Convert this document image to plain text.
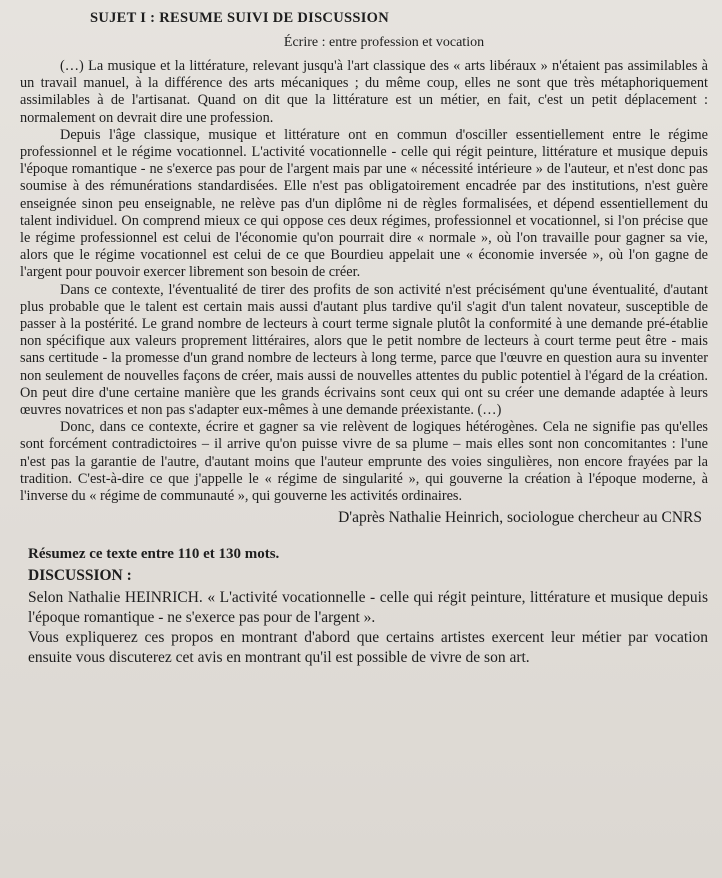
SUJET I : RESUME SUIVI DE DISCUSSION
Écrire : entre profession et vocation

(…) La musique et la littérature, relevant jusqu'à l'art classique des « arts libéraux » n'étaient pas assimilables à un travail manuel, à la différence des arts mécaniques ; du même coup, elles ne sont que très métaphoriquement assimilables à de l'artisanat. Quand on dit que la littérature est un métier, en fait, c'est un petit déplacement : normalement on devrait dire une profession.

Depuis l'âge classique, musique et littérature ont en commun d'osciller essentiellement entre le régime professionnel et le régime vocationnel. L'activité vocationnelle - celle qui régit peinture, littérature et musique depuis l'époque romantique - ne s'exerce pas pour de l'argent mais par une « nécessité intérieure » de l'auteur, et n'est donc pas soumise à des rémunérations standardisées. Elle n'est pas obligatoirement encadrée par des institutions, n'est guère enseignée sinon peu enseignable, ne relève pas d'un diplôme ni de règles formalisées, et dépend essentiellement du talent individuel. On comprend mieux ce qui oppose ces deux régimes, professionnel et vocationnel, si l'on précise que le régime professionnel est celui de l'économie qu'on pourrait dire « normale », où l'on travaille pour gagner sa vie, alors que le régime vocationnel est celui de ce que Bourdieu appelait une « économie inversée », où l'on gagne de l'argent pour pouvoir exercer librement son besoin de créer.

Dans ce contexte, l'éventualité de tirer des profits de son activité n'est précisément qu'une éventualité, d'autant plus probable que le talent est certain mais aussi d'autant plus tardive qu'il s'agit d'un talent novateur, susceptible de passer à la postérité. Le grand nombre de lecteurs à court terme signale plutôt la conformité à une demande pré-établie non spécifique aux valeurs proprement littéraires, alors que le petit nombre de lecteurs à court terme peut être - mais sans certitude - la promesse d'un grand nombre de lecteurs à long terme, parce que l'œuvre en question aura su inventer non seulement de nouvelles façons de créer, mais aussi de nouvelles attentes du public potentiel à l'égard de la création. On peut dire d'une certaine manière que les grands écrivains sont ceux qui ont su créer une demande adaptée à leurs œuvres novatrices et non pas s'adapter eux-mêmes à une demande préexistante. (…)

Donc, dans ce contexte, écrire et gagner sa vie relèvent de logiques hétérogènes. Cela ne signifie pas qu'elles sont forcément contradictoires – il arrive qu'on puisse vivre de sa plume – mais elles sont non concomitantes : l'une n'est pas la garantie de l'autre, d'autant moins que l'auteur emprunte des voies singulières, non encore frayées par la tradition. C'est-à-dire ce que j'appelle le « régime de singularité », qui gouverne la création à l'époque moderne, à l'inverse du « régime de communauté », qui gouverne les activités ordinaires.

D'après Nathalie Heinrich, sociologue chercheur au CNRS
Résumez ce texte entre 110 et 130 mots.
DISCUSSION :

Selon Nathalie HEINRICH. « L'activité vocationnelle - celle qui régit peinture, littérature et musique depuis l'époque romantique - ne s'exerce pas pour de l'argent ».

Vous expliquerez ces propos en montrant d'abord que certains artistes exercent leur métier par vocation ensuite vous discuterez cet avis en montrant qu'il est possible de vivre de son art.
